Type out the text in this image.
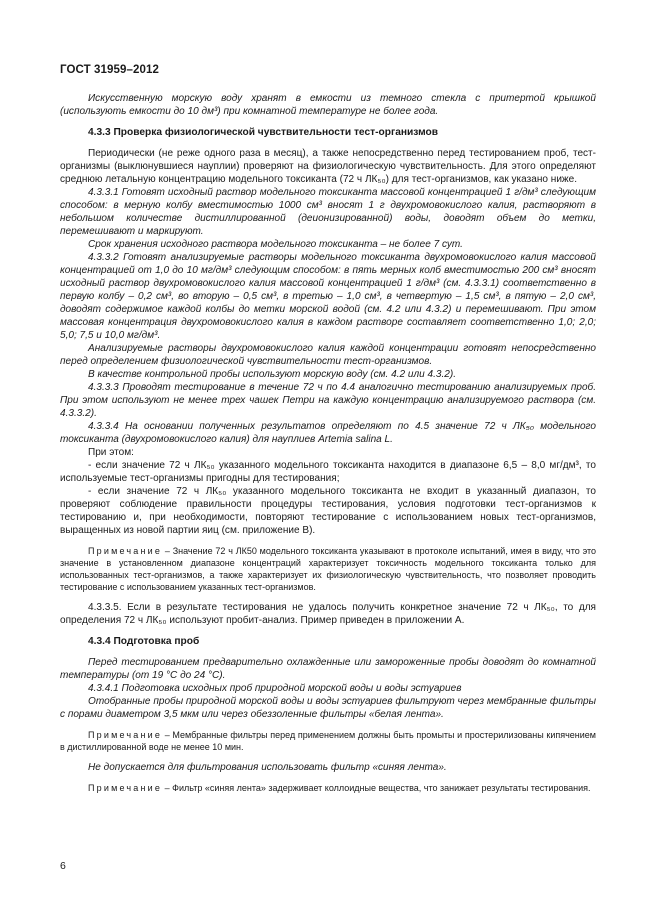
ГОСТ 31959–2012

Искусственную морскую воду хранят в емкости из темного стекла с притертой крышкой (использують емкости до 10 дм³) при комнатной температуре не более года.

4.3.3 Проверка физиологической чувствительности тест-организмов

Периодически (не реже одного раза в месяц), а также непосредственно перед тестированием проб, тест-организмы (выклюнувшиеся науплии) проверяют на физиологическую чувствительность. Для этого определяют среднюю летальную концентрацию модельного токсиканта (72 ч ЛК₅₀) для тест-организмов, как указано ниже.

4.3.3.1 Готовят исходный раствор модельного токсиканта массовой концентрацией 1 г/дм³ следующим способом: в мерную колбу вместимостью 1000 см³ вносят 1 г двухромовокислого калия, растворяют в небольшом количестве дистиллированной (деионизированной) воды, доводят объем до метки, перемешивают и маркируют.

Срок хранения исходного раствора модельного токсиканта – не более 7 сут.

4.3.3.2 Готовят анализируемые растворы модельного токсиканта двухромовокислого калия массовой концентрацией от 1,0 до 10 мг/дм³ следующим способом: в пять мерных колб вместимостью 200 см³ вносят исходный раствор двухромовокислого калия массовой концентрацией 1 г/дм³ (см. 4.3.3.1) соответственно в первую колбу – 0,2 см³, во вторую – 0,5 см³, в третью – 1,0 см³, в четвертую – 1,5 см³, в пятую – 2,0 см³, доводят содержимое каждой колбы до метки морской водой (см. 4.2 или 4.3.2) и перемешивают. При этом массовая концентрация двухромовокислого калия в каждом растворе составляет соответственно 1,0; 2,0; 5,0; 7,5 и 10,0 мг/дм³.

Анализируемые растворы двухромовокислого калия каждой концентрации готовят непосредственно перед определением физиологической чувствительности тест-организмов.

В качестве контрольной пробы используют морскую воду (см. 4.2 или 4.3.2).

4.3.3.3 Проводят тестирование в течение 72 ч по 4.4 аналогично тестированию анализируемых проб. При этом используют не менее трех чашек Петри на каждую концентрацию анализируемого раствора (см. 4.3.3.2).

4.3.3.4 На основании полученных результатов определяют по 4.5 значение 72 ч ЛК₅₀ модельного токсиканта (двухромовокислого калия) для науплиев Artemia salina L.

При этом:

- если значение 72 ч ЛК₅₀ указанного модельного токсиканта находится в диапазоне 6,5 – 8,0 мг/дм³, то используемые тест-организмы пригодны для тестирования;

- если значение 72 ч ЛК₅₀ указанного модельного токсиканта не входит в указанный диапазон, то проверяют соблюдение правильности процедуры тестирования, условия подготовки тест-организмов к тестированию и, при необходимости, повторяют тестирование с использованием новых тест-организмов, выращенных из новой партии яиц (см. приложение В).

Примечание – Значение 72 ч ЛК50 модельного токсиканта указывают в протоколе испытаний, имея в виду, что это значение в установленном диапазоне концентраций характеризует токсичность модельного токсиканта только для использованных тест-организмов, а также характеризует их физиологическую чувствительность, что позволяет проводить тестирование с использованием указанных тест-организмов.

4.3.3.5. Если в результате тестирования не удалось получить конкретное значение 72 ч ЛК₅₀, то для определения 72 ч ЛК₅₀ используют пробит-анализ. Пример приведен в приложении А.

4.3.4 Подготовка проб

Перед тестированием предварительно охлажденные или замороженные пробы доводят до комнатной температуры (от 19 °С до 24 °С).

4.3.4.1 Подготовка исходных проб природной морской воды и воды эстуариев

Отобранные пробы природной морской воды и воды эстуариев фильтруют через мембранные фильтры с порами диаметром 3,5 мкм или через обеззоленные фильтры «белая лента».

Примечание – Мембранные фильтры перед применением должны быть промыты и простерилизованы кипячением в дистиллированной воде не менее 10 мин.

Не допускается для фильтрования использовать фильтр «синяя лента».

Примечание – Фильтр «синяя лента» задерживает коллоидные вещества, что занижает результаты тестирования.

6
